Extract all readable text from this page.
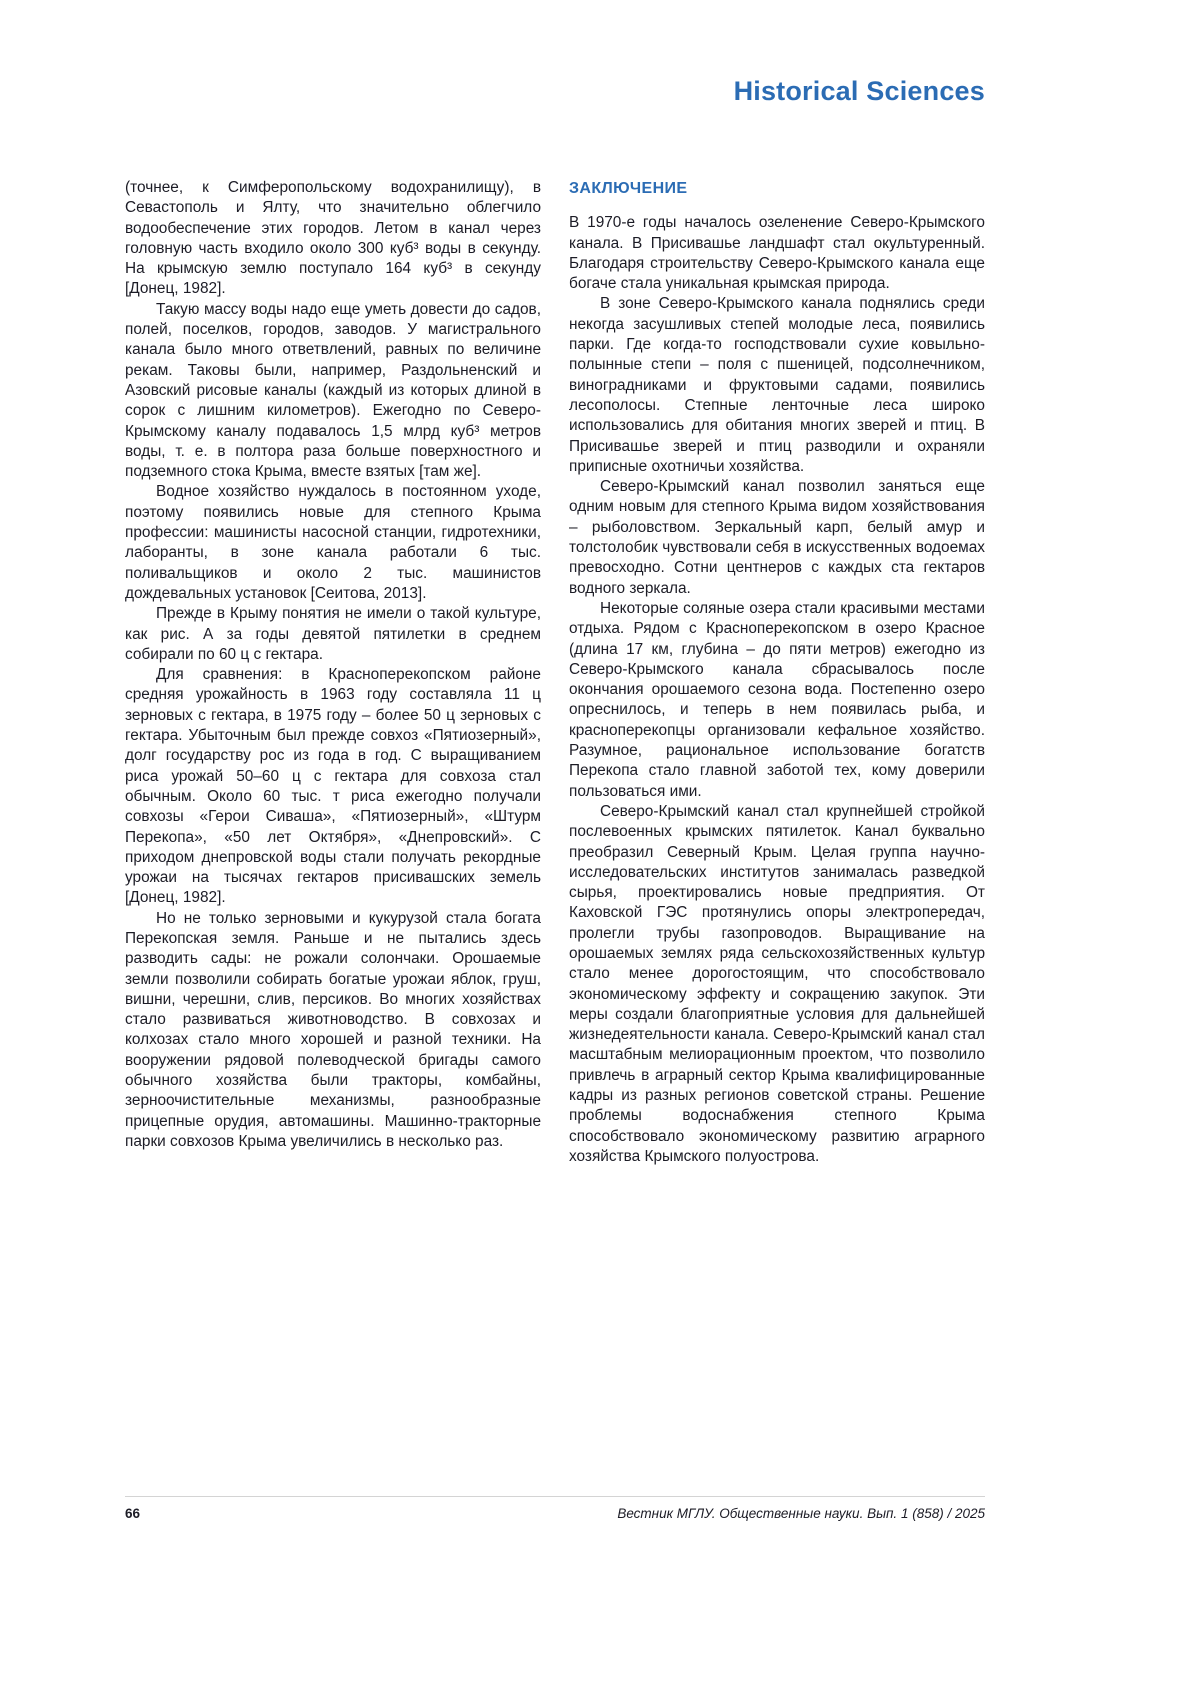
Historical Sciences

(точнее, к Симферопольскому водохранилищу), в Севастополь и Ялту, что значительно облегчило водообеспечение этих городов. Летом в канал через головную часть входило около 300 куб³ воды в секунду. На крымскую землю поступало 164 куб³ в секунду [Донец, 1982].

Такую массу воды надо еще уметь довести до садов, полей, поселков, городов, заводов. У магистрального канала было много ответвлений, равных по величине рекам. Таковы были, например, Раздольненский и Азовский рисовые каналы (каждый из которых длиной в сорок с лишним километров). Ежегодно по Северо-Крымскому каналу подавалось 1,5 млрд куб³ метров воды, т. е. в полтора раза больше поверхностного и подземного стока Крыма, вместе взятых [там же].

Водное хозяйство нуждалось в постоянном уходе, поэтому появились новые для степного Крыма профессии: машинисты насосной станции, гидротехники, лаборанты, в зоне канала работали 6 тыс. поливальщиков и около 2 тыс. машинистов дождевальных установок [Сеитова, 2013].

Прежде в Крыму понятия не имели о такой культуре, как рис. А за годы девятой пятилетки в среднем собирали по 60 ц с гектара.

Для сравнения: в Красноперекопском районе средняя урожайность в 1963 году составляла 11 ц зерновых с гектара, в 1975 году – более 50 ц зерновых с гектара. Убыточным был прежде совхоз «Пятиозерный», долг государству рос из года в год. С выращиванием риса урожай 50–60 ц с гектара для совхоза стал обычным. Около 60 тыс. т риса ежегодно получали совхозы «Герои Сиваша», «Пятиозерный», «Штурм Перекопа», «50 лет Октября», «Днепровский». С приходом днепровской воды стали получать рекордные урожаи на тысячах гектаров присивашских земель [Донец, 1982].

Но не только зерновыми и кукурузой стала богата Перекопская земля. Раньше и не пытались здесь разводить сады: не рожали солончаки. Орошаемые земли позволили собирать богатые урожаи яблок, груш, вишни, черешни, слив, персиков. Во многих хозяйствах стало развиваться животноводство. В совхозах и колхозах стало много хорошей и разной техники. На вооружении рядовой полеводческой бригады самого обычного хозяйства были тракторы, комбайны, зерноочистительные механизмы, разнообразные прицепные орудия, автомашины. Машинно-тракторные парки совхозов Крыма увеличились в несколько раз.

ЗАКЛЮЧЕНИЕ

В 1970-е годы началось озеленение Северо-Крымского канала. В Присивашье ландшафт стал окультуренный. Благодаря строительству Северо-Крымского канала еще богаче стала уникальная крымская природа.

В зоне Северо-Крымского канала поднялись среди некогда засушливых степей молодые леса, появились парки. Где когда-то господствовали сухие ковыльно-полынные степи – поля с пшеницей, подсолнечником, виноградниками и фруктовыми садами, появились лесополосы. Степные ленточные леса широко использовались для обитания многих зверей и птиц. В Присивашье зверей и птиц разводили и охраняли приписные охотничьи хозяйства.

Северо-Крымский канал позволил заняться еще одним новым для степного Крыма видом хозяйствования – рыболовством. Зеркальный карп, белый амур и толстолобик чувствовали себя в искусственных водоемах превосходно. Сотни центнеров с каждых ста гектаров водного зеркала.

Некоторые соляные озера стали красивыми местами отдыха. Рядом с Красноперекопском в озеро Красное (длина 17 км, глубина – до пяти метров) ежегодно из Северо-Крымского канала сбрасывалось после окончания орошаемого сезона вода. Постепенно озеро опреснилось, и теперь в нем появилась рыба, и красноперекопцы организовали кефальное хозяйство. Разумное, рациональное использование богатств Перекопа стало главной заботой тех, кому доверили пользоваться ими.

Северо-Крымский канал стал крупнейшей стройкой послевоенных крымских пятилеток. Канал буквально преобразил Северный Крым. Целая группа научно-исследовательских институтов занималась разведкой сырья, проектировались новые предприятия. От Каховской ГЭС протянулись опоры электропередач, пролегли трубы газопроводов. Выращивание на орошаемых землях ряда сельскохозяйственных культур стало менее дорогостоящим, что способствовало экономическому эффекту и сокращению закупок. Эти меры создали благоприятные условия для дальнейшей жизнедеятельности канала. Северо-Крымский канал стал масштабным мелиорационным проектом, что позволило привлечь в аграрный сектор Крыма квалифицированные кадры из разных регионов советской страны. Решение проблемы водоснабжения степного Крыма способствовало экономическому развитию аграрного хозяйства Крымского полуострова.

66	Вестник МГЛУ. Общественные науки. Вып. 1 (858) / 2025
